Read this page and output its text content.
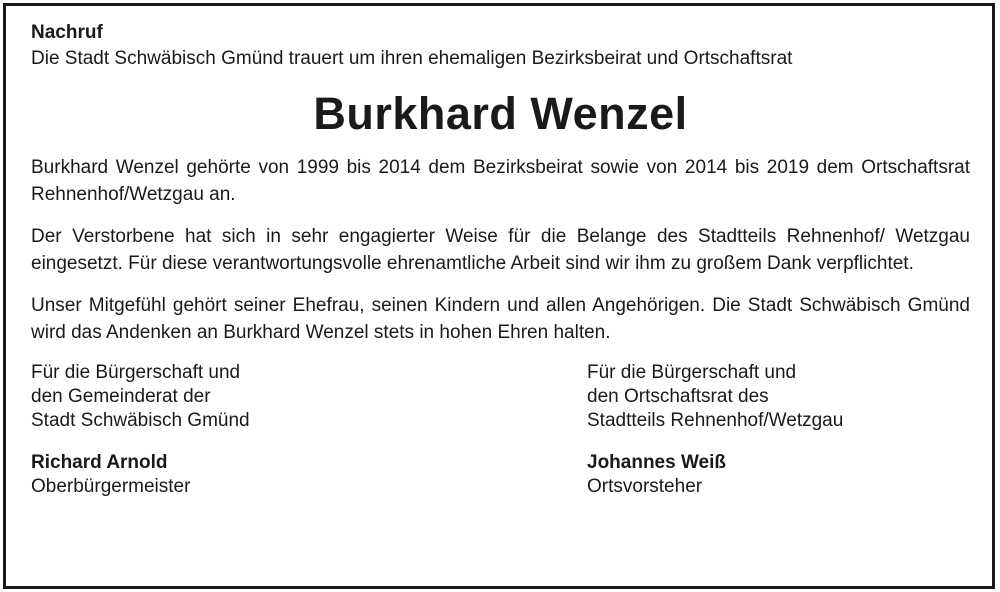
Nachruf

Die Stadt Schwäbisch Gmünd trauert um ihren ehemaligen Bezirksbeirat und Ortschaftsrat

Burkhard Wenzel

Burkhard Wenzel gehörte von 1999 bis 2014 dem Bezirksbeirat sowie von 2014 bis 2019 dem Ortschaftsrat Rehnenhof/Wetzgau an.

Der Verstorbene hat sich in sehr engagierter Weise für die Belange des Stadtteils Rehnenhof/ Wetzgau eingesetzt. Für diese verantwortungsvolle ehrenamtliche Arbeit sind wir ihm zu großem Dank verpflichtet.

Unser Mitgefühl gehört seiner Ehefrau, seinen Kindern und allen Angehörigen. Die Stadt Schwäbisch Gmünd wird das Andenken an Burkhard Wenzel stets in hohen Ehren halten.

Für die Bürgerschaft und

den Gemeinderat der

Stadt Schwäbisch Gmünd

Richard Arnold

Oberbürgermeister

Für die Bürgerschaft und

den Ortschaftsrat des

Stadtteils Rehnenhof/Wetzgau

Johannes Weiß

Ortsvorsteher
